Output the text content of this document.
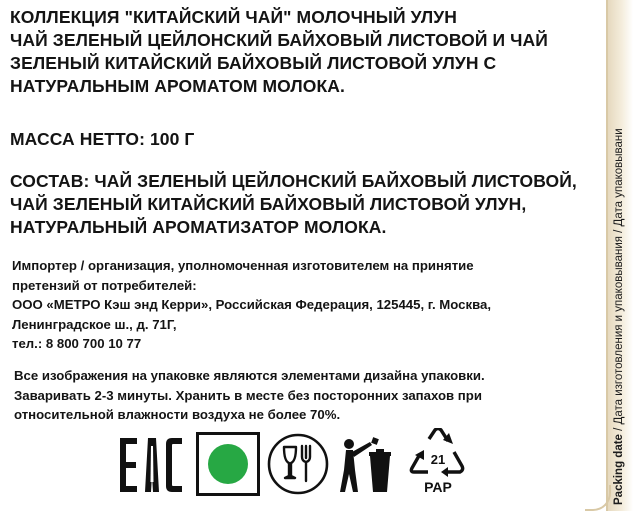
КОЛЛЕКЦИЯ "КИТАЙСКИЙ ЧАЙ" МОЛОЧНЫЙ УЛУН
ЧАЙ ЗЕЛЕНЫЙ ЦЕЙЛОНСКИЙ БАЙХОВЫЙ ЛИСТОВОЙ И ЧАЙ
ЗЕЛЕНЫЙ КИТАЙСКИЙ БАЙХОВЫЙ ЛИСТОВОЙ УЛУН С
НАТУРАЛЬНЫМ АРОМАТОМ МОЛОКА.

МАССА НЕТТО: 100 Г

СОСТАВ: ЧАЙ ЗЕЛЕНЫЙ ЦЕЙЛОНСКИЙ БАЙХОВЫЙ ЛИСТОВОЙ,
ЧАЙ ЗЕЛЕНЫЙ КИТАЙСКИЙ БАЙХОВЫЙ ЛИСТОВОЙ УЛУН,
НАТУРАЛЬНЫЙ АРОМАТИЗАТОР МОЛОКА.

Импортер / организация, уполномоченная изготовителем на принятие
претензий от потребителей:
ООО «МЕТРО Кэш энд Керри», Российская Федерация, 125445, г. Москва,
Ленинградское ш., д. 71Г,
тел.: 8 800 700 10 77

Все изображения на упаковке являются элементами дизайна упаковки.
Заваривать 2-3 минуты. Хранить в месте без посторонних запахов при
относительной влажности воздуха не более 70%.

21
PAP	Packing date / Дата изготовления и упаковывания / Дата упаковывани
